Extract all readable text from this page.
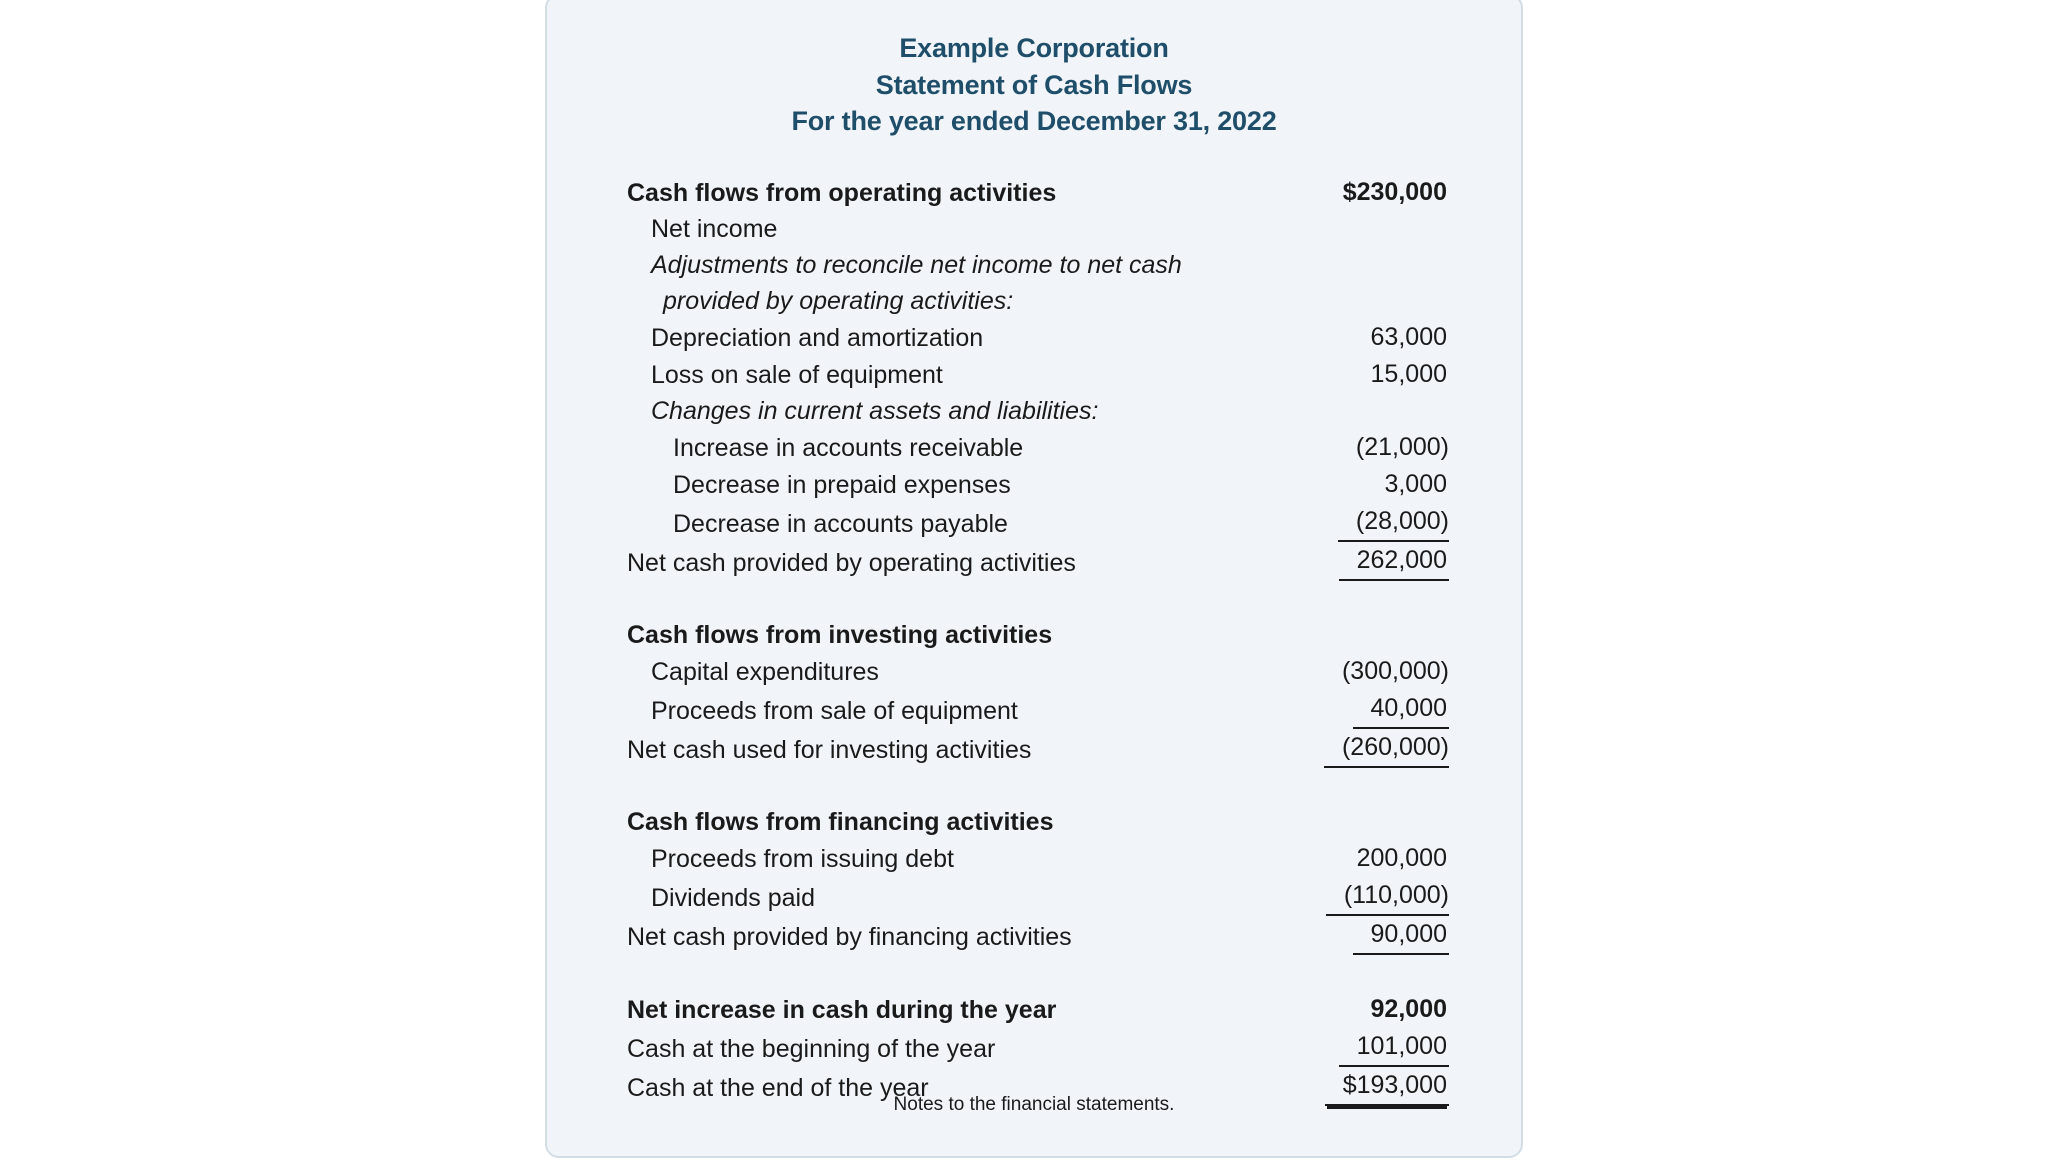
Example Corporation
Statement of Cash Flows
For the year ended December 31, 2022
Cash flows from operating activities	$230,000
Net income	
Adjustments to reconcile net income to net cash	
provided by operating activities:	
Depreciation and amortization	63,000
Loss on sale of equipment	15,000
Changes in current assets and liabilities:	
Increase in accounts receivable	(21,000)
Decrease in prepaid expenses	3,000
Decrease in accounts payable	(28,000)
Net cash provided by operating activities	262,000

Cash flows from investing activities	
Capital expenditures	(300,000)
Proceeds from sale of equipment	40,000
Net cash used for investing activities	(260,000)

Cash flows from financing activities	
Proceeds from issuing debt	200,000
Dividends paid	(110,000)
Net cash provided by financing activities	90,000

Net increase in cash during the year	92,000
Cash at the beginning of the year	101,000
Cash at the end of the year	$193,000
Notes to the financial statements.
